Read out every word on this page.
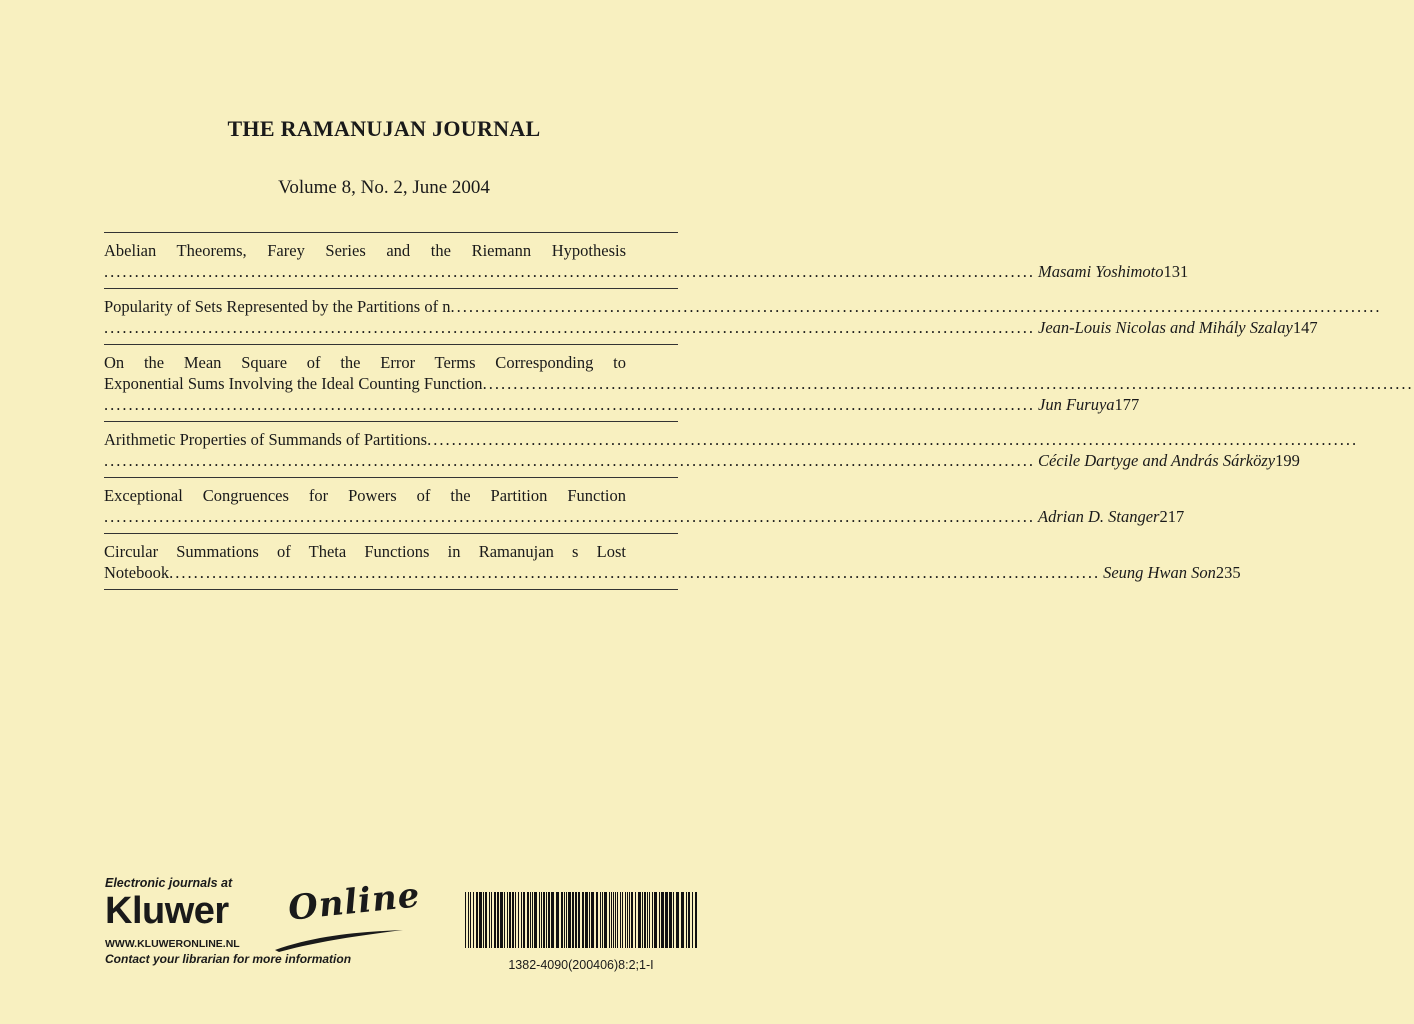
THE RAMANUJAN JOURNAL
Volume 8, No. 2, June 2004
Abelian Theorems, Farey Series and the Riemann Hypothesis
.....
Masami Yoshimoto 131
Popularity of Sets Represented by the Partitions of n
.....
.....
Jean-Louis Nicolas and Mihály Szalay 147
On the Mean Square of the Error Terms Corresponding to
Exponential Sums Involving the Ideal Counting Function
.....
.....
Jun Furuya 177
Arithmetic Properties of Summands of Partitions
.....
.....
Cécile Dartyge and András Sárközy 199
Exceptional Congruences for Powers of the Partition Function
.....
Adrian D. Stanger 217
Circular Summations of Theta Functions in Ramanujan s Lost
Notebook
.....	Seung Hwan Son 235
Electronic journals at
Kluwer Online
WWW.KLUWERONLINE.NL
Contact your librarian for more information	1382-4090(200406)8:2;1-I
